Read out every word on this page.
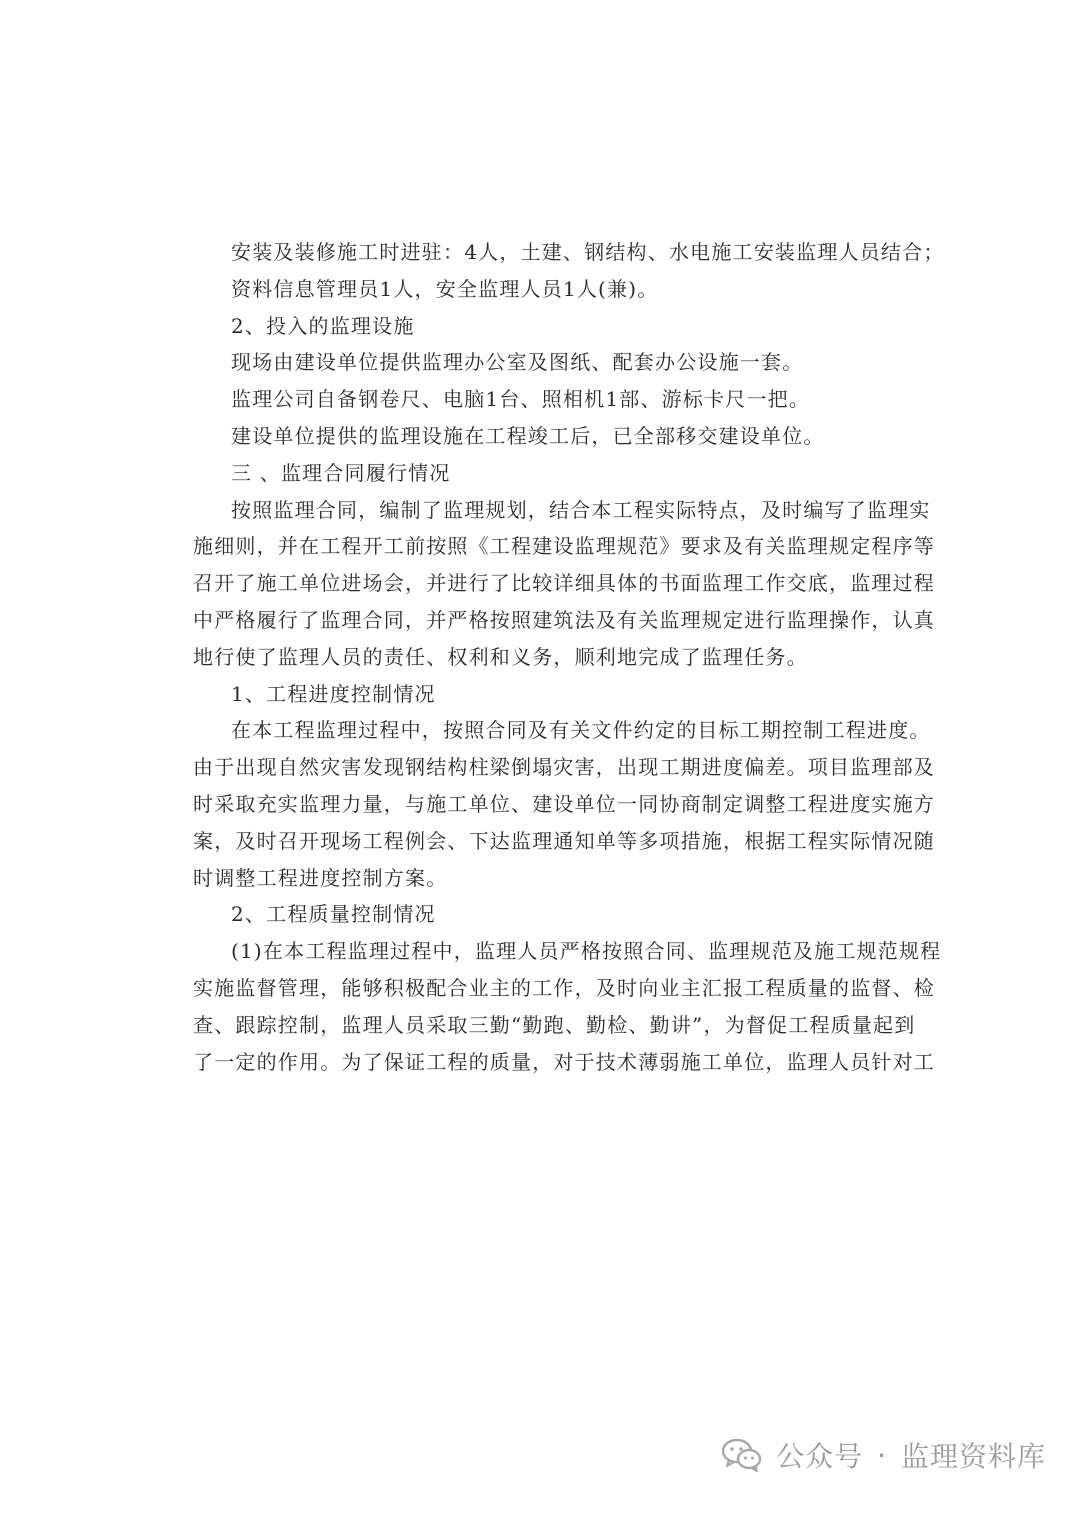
安装及装修施工时进驻：4人，土建、钢结构、水电施工安装监理人员结合；

资料信息管理员1人，安全监理人员1人(兼)。

2、投入的监理设施

现场由建设单位提供监理办公室及图纸、配套办公设施一套。

监理公司自备钢卷尺、电脑1台、照相机1部、游标卡尺一把。

建设单位提供的监理设施在工程竣工后，已全部移交建设单位。

三 、监理合同履行情况

按照监理合同，编制了监理规划，结合本工程实际特点，及时编写了监理实

施细则，并在工程开工前按照《工程建设监理规范》要求及有关监理规定程序等

召开了施工单位进场会，并进行了比较详细具体的书面监理工作交底，监理过程

中严格履行了监理合同，并严格按照建筑法及有关监理规定进行监理操作，认真

地行使了监理人员的责任、权利和义务，顺利地完成了监理任务。

1、工程进度控制情况

在本工程监理过程中，按照合同及有关文件约定的目标工期控制工程进度。

由于出现自然灾害发现钢结构柱梁倒塌灾害，出现工期进度偏差。项目监理部及

时采取充实监理力量，与施工单位、建设单位一同协商制定调整工程进度实施方

案，及时召开现场工程例会、下达监理通知单等多项措施，根据工程实际情况随

时调整工程进度控制方案。

2、工程质量控制情况

(1)在本工程监理过程中，监理人员严格按照合同、监理规范及施工规范规程

实施监督管理，能够积极配合业主的工作，及时向业主汇报工程质量的监督、检

查、跟踪控制，监理人员采取三勤“勤跑、勤检、勤讲”，为督促工程质量起到

了一定的作用。为了保证工程的质量，对于技术薄弱施工单位，监理人员针对工

公众号 · 监理资料库
